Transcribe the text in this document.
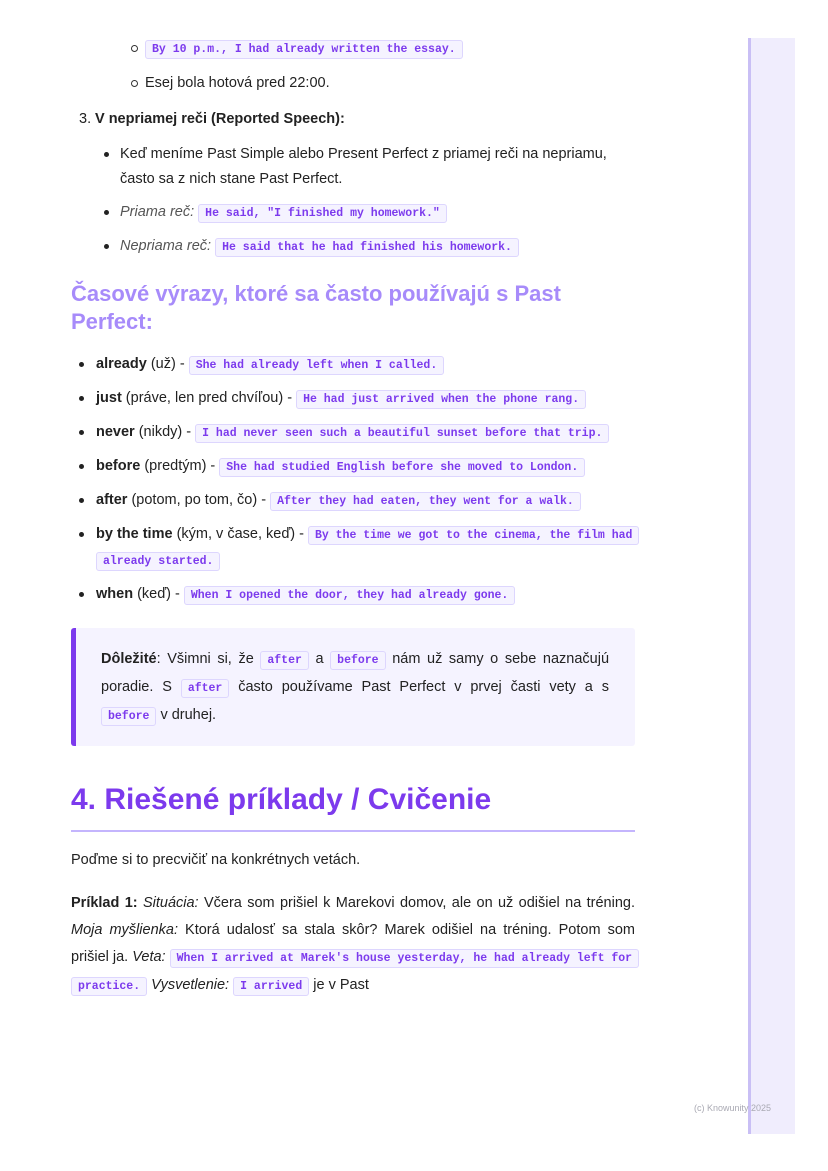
By 10 p.m., I had already written the essay.
Esej bola hotová pred 22:00.
3. V nepriamej reči (Reported Speech):
Keď meníme Past Simple alebo Present Perfect z priamej reči na nepriamu, často sa z nich stane Past Perfect.
Priama reč: He said, "I finished my homework."
Nepriama reč: He said that he had finished his homework.
Časové výrazy, ktoré sa často používajú s Past Perfect:
already (už) - She had already left when I called.
just (práve, len pred chvíľou) - He had just arrived when the phone rang.
never (nikdy) - I had never seen such a beautiful sunset before that trip.
before (predtým) - She had studied English before she moved to London.
after (potom, po tom, čo) - After they had eaten, they went for a walk.
by the time (kým, v čase, keď) - By the time we got to the cinema, the film had already started.
when (keď) - When I opened the door, they had already gone.
Dôležité: Všimni si, že after a before nám už samy o sebe naznačujú poradie. S after často používame Past Perfect v prvej časti vety a s before v druhej.
4. Riešené príklady / Cvičenie

Poďme si to precvičiť na konkrétnych vetách.

Príklad 1: Situácia: Včera som prišiel k Marekovi domov, ale on už odišiel na tréning. Moja myšlienka: Ktorá udalosť sa stala skôr? Marek odišiel na tréning. Potom som prišiel ja. Veta: When I arrived at Marek's house yesterday, he had already left for practice. Vysvetlenie: I arrived je v Past

(c) Knowunity 2025
